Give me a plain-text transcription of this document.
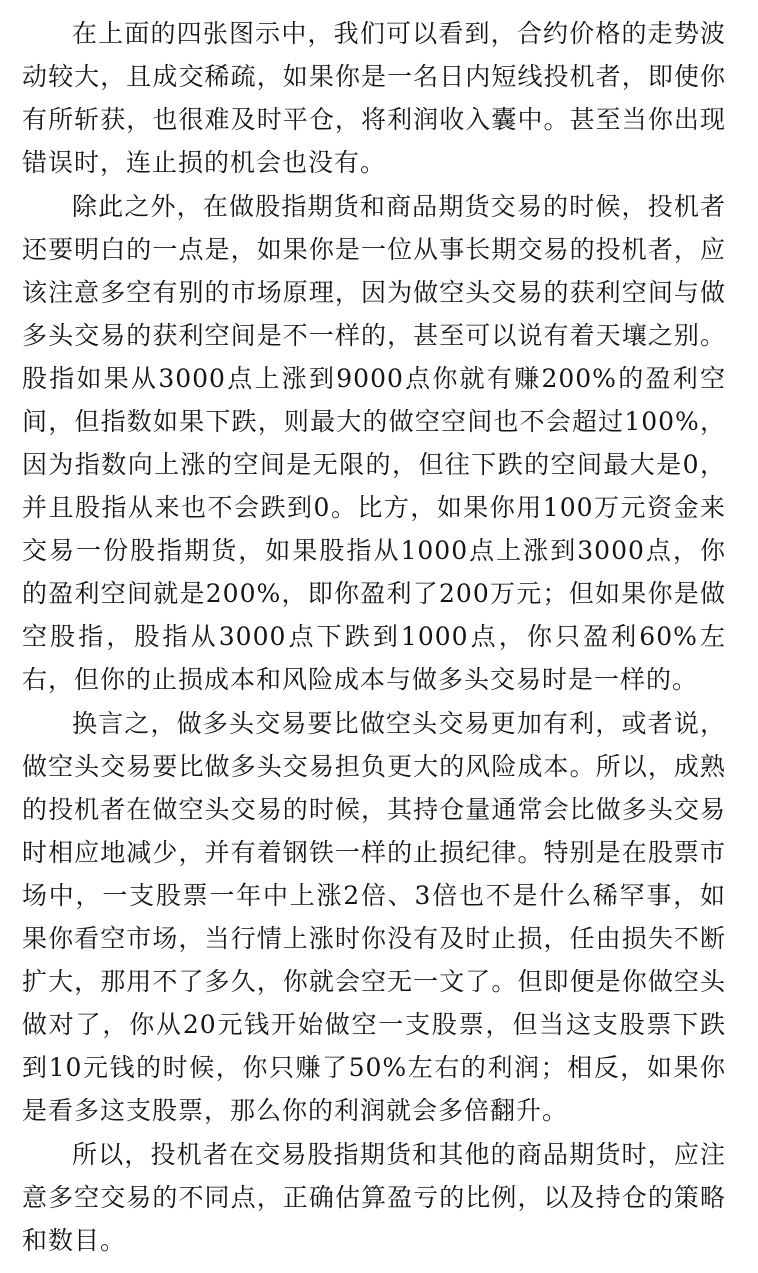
在上面的四张图示中，我们可以看到，合约价格的走势波动较大，且成交稀疏，如果你是一名日内短线投机者，即使你有所斩获，也很难及时平仓，将利润收入囊中。甚至当你出现错误时，连止损的机会也没有。

除此之外，在做股指期货和商品期货交易的时候，投机者还要明白的一点是，如果你是一位从事长期交易的投机者，应该注意多空有别的市场原理，因为做空头交易的获利空间与做多头交易的获利空间是不一样的，甚至可以说有着天壤之别。股指如果从3000点上涨到9000点你就有赚200%的盈利空间，但指数如果下跌，则最大的做空空间也不会超过100%，因为指数向上涨的空间是无限的，但往下跌的空间最大是0，并且股指从来也不会跌到0。比方，如果你用100万元资金来交易一份股指期货，如果股指从1000点上涨到3000点，你的盈利空间就是200%，即你盈利了200万元；但如果你是做空股指，股指从3000点下跌到1000点，你只盈利60%左右，但你的止损成本和风险成本与做多头交易时是一样的。

换言之，做多头交易要比做空头交易更加有利，或者说，做空头交易要比做多头交易担负更大的风险成本。所以，成熟的投机者在做空头交易的时候，其持仓量通常会比做多头交易时相应地减少，并有着钢铁一样的止损纪律。特别是在股票市场中，一支股票一年中上涨2倍、3倍也不是什么稀罕事，如果你看空市场，当行情上涨时你没有及时止损，任由损失不断扩大，那用不了多久，你就会空无一文了。但即便是你做空头做对了，你从20元钱开始做空一支股票，但当这支股票下跌到10元钱的时候，你只赚了50%左右的利润；相反，如果你是看多这支股票，那么你的利润就会多倍翻升。

所以，投机者在交易股指期货和其他的商品期货时，应注意多空交易的不同点，正确估算盈亏的比例，以及持仓的策略和数目。
